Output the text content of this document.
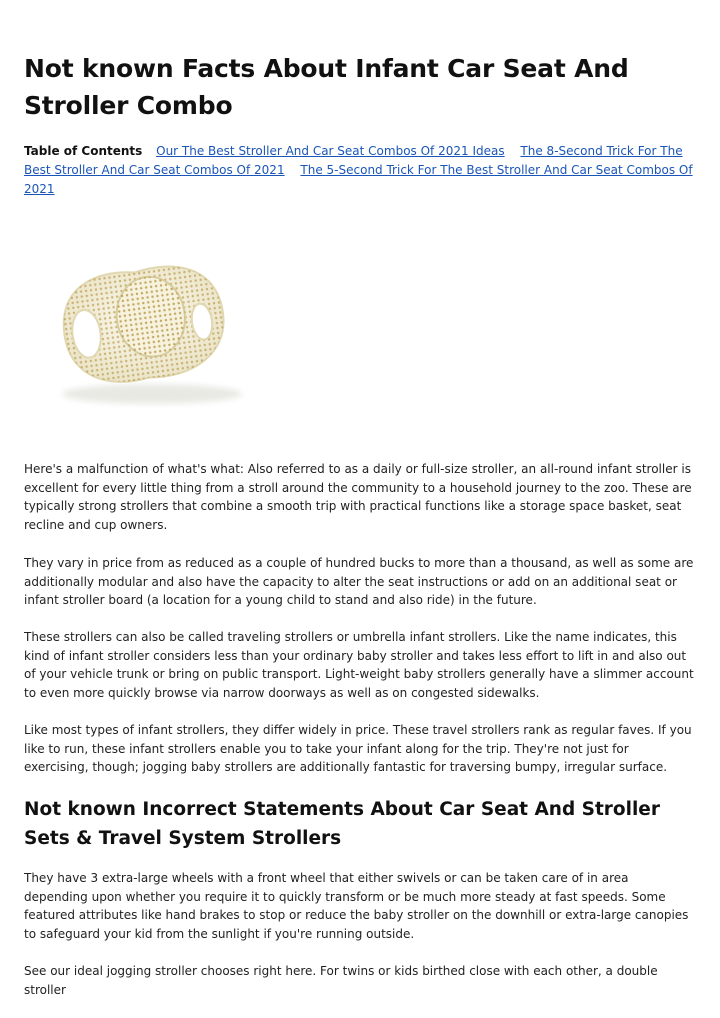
Not known Facts About Infant Car Seat And Stroller Combo
Table of Contents Our The Best Stroller And Car Seat Combos Of 2021 Ideas The 8-Second Trick For The Best Stroller And Car Seat Combos Of 2021 The 5-Second Trick For The Best Stroller And Car Seat Combos Of 2021

Here's a malfunction of what's what: Also referred to as a daily or full-size stroller, an all-round infant stroller is excellent for every little thing from a stroll around the community to a household journey to the zoo. These are typically strong strollers that combine a smooth trip with practical functions like a storage space basket, seat recline and cup owners.

They vary in price from as reduced as a couple of hundred bucks to more than a thousand, as well as some are additionally modular and also have the capacity to alter the seat instructions or add on an additional seat or infant stroller board (a location for a young child to stand and also ride) in the future.

These strollers can also be called traveling strollers or umbrella infant strollers. Like the name indicates, this kind of infant stroller considers less than your ordinary baby stroller and takes less effort to lift in and also out of your vehicle trunk or bring on public transport. Light-weight baby strollers generally have a slimmer account to even more quickly browse via narrow doorways as well as on congested sidewalks.

Like most types of infant strollers, they differ widely in price. These travel strollers rank as regular faves. If you like to run, these infant strollers enable you to take your infant along for the trip. They're not just for exercising, though; jogging baby strollers are additionally fantastic for traversing bumpy, irregular surface.

Not known Incorrect Statements About Car Seat And Stroller Sets & Travel System Strollers

They have 3 extra-large wheels with a front wheel that either swivels or can be taken care of in area depending upon whether you require it to quickly transform or be much more steady at fast speeds. Some featured attributes like hand brakes to stop or reduce the baby stroller on the downhill or extra-large canopies to safeguard your kid from the sunlight if you're running outside.

See our ideal jogging stroller chooses right here. For twins or kids birthed close with each other, a double stroller
